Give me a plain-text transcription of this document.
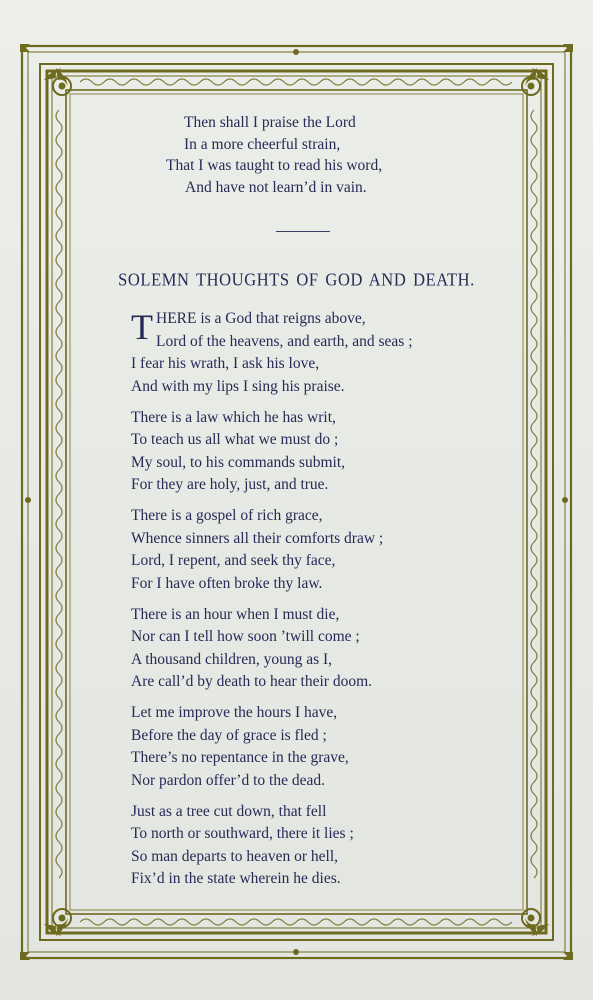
Then shall I praise the Lord
In a more cheerful strain,
That I was taught to read his word,
And have not learn’d in vain.
SOLEMN THOUGHTS OF GOD AND DEATH.
T HERE is a God that reigns above,
Lord of the heavens, and earth, and seas ;
I fear his wrath, I ask his love,
And with my lips I sing his praise.
There is a law which he has writ,
To teach us all what we must do ;
My soul, to his commands submit,
For they are holy, just, and true.
There is a gospel of rich grace,
Whence sinners all their comforts draw ;
Lord, I repent, and seek thy face,
For I have often broke thy law.
There is an hour when I must die,
Nor can I tell how soon ’twill come ;
A thousand children, young as I,
Are call’d by death to hear their doom.
Let me improve the hours I have,
Before the day of grace is fled ;
There’s no repentance in the grave,
Nor pardon offer’d to the dead.
Just as a tree cut down, that fell
To north or southward, there it lies ;
So man departs to heaven or hell,
Fix’d in the state wherein he dies.
